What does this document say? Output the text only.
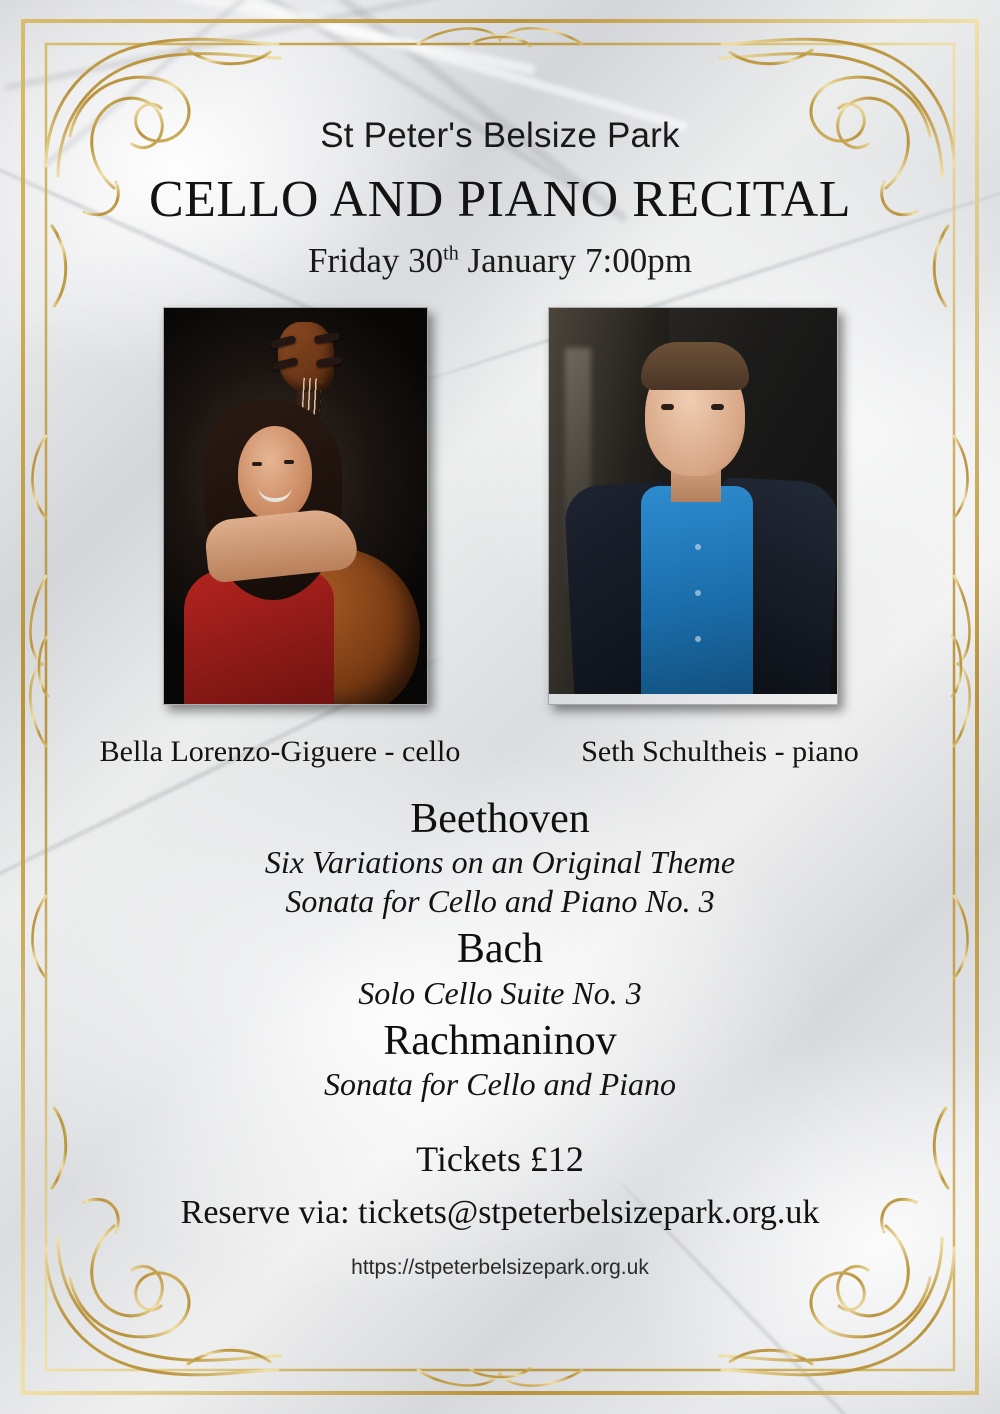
St Peter's Belsize Park
CELLO AND PIANO RECITAL
Friday 30th January 7:00pm
Bella Lorenzo-Giguere - cello	Seth Schultheis - piano
Beethoven
Six Variations on an Original Theme
Sonata for Cello and Piano No. 3
Bach
Solo Cello Suite No. 3
Rachmaninov
Sonata for Cello and Piano
Tickets £12
Reserve via: tickets@stpeterbelsizepark.org.uk
https://stpeterbelsizepark.org.uk
